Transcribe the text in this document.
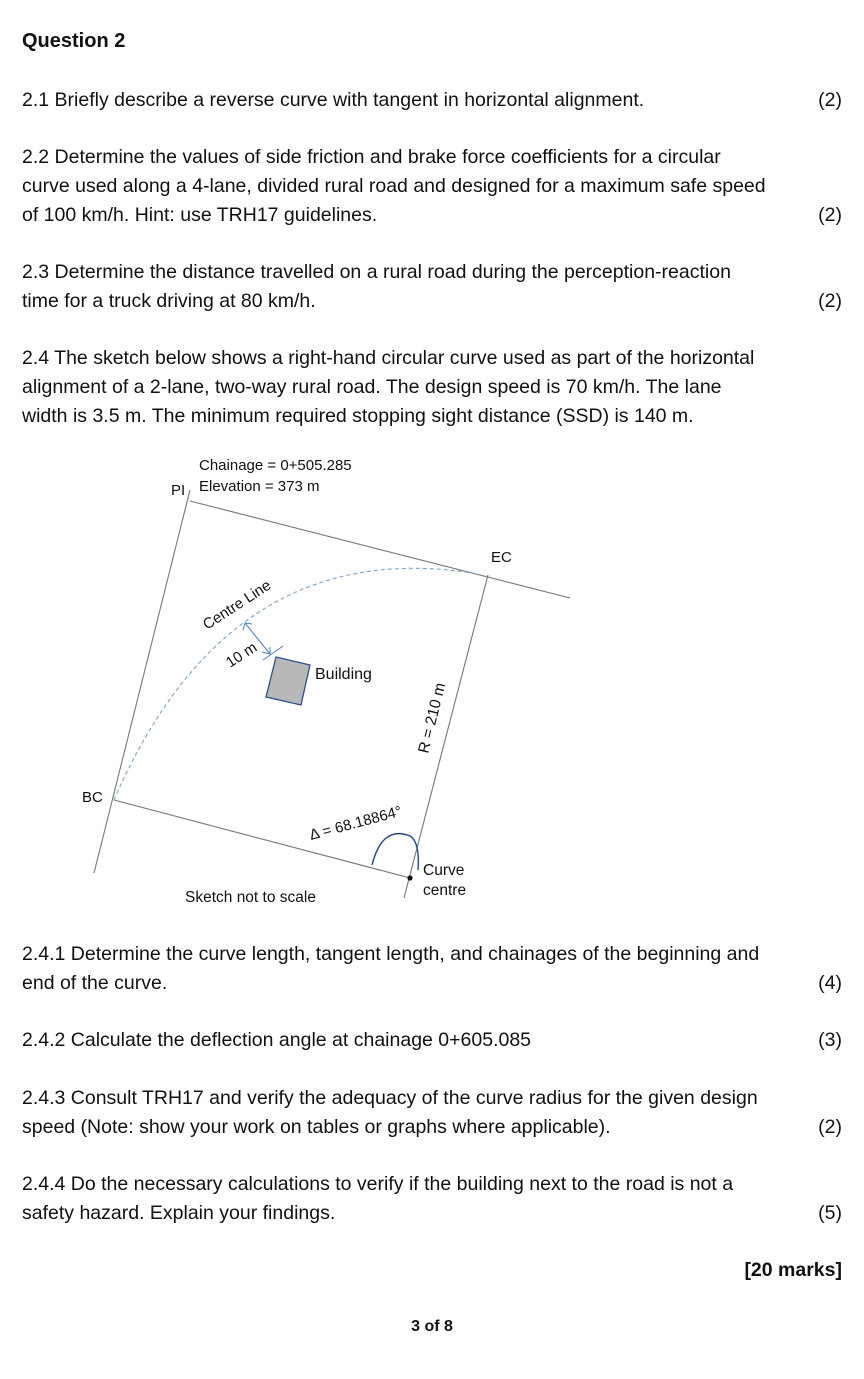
Question 2
2.1 Briefly describe a reverse curve with tangent in horizontal alignment.	(2)
2.2 Determine the values of side friction and brake force coefficients for a circular
curve used along a 4-lane, divided rural road and designed for a maximum safe speed
of 100 km/h. Hint: use TRH17 guidelines.	(2)
2.3 Determine the distance travelled on a rural road during the perception-reaction
time for a truck driving at 80 km/h.	(2)
2.4 The sketch below shows a right-hand circular curve used as part of the horizontal
alignment of a 2-lane, two-way rural road. The design speed is 70 km/h. The lane
width is 3.5 m. The minimum required stopping sight distance (SSD) is 140 m.
Chainage = 0+505.285
Elevation = 373 m
PI
EC
BC
Centre Line
10 m
Building
R = 210 m
Δ = 68.18864°
Curve
centre
Sketch not to scale
2.4.1 Determine the curve length, tangent length, and chainages of the beginning and
end of the curve.	(4)
2.4.2 Calculate the deflection angle at chainage 0+605.085	(3)
2.4.3 Consult TRH17 and verify the adequacy of the curve radius for the given design
speed (Note: show your work on tables or graphs where applicable).	(2)
2.4.4 Do the necessary calculations to verify if the building next to the road is not a
safety hazard. Explain your findings.	(5)
[20 marks]
3 of 8
